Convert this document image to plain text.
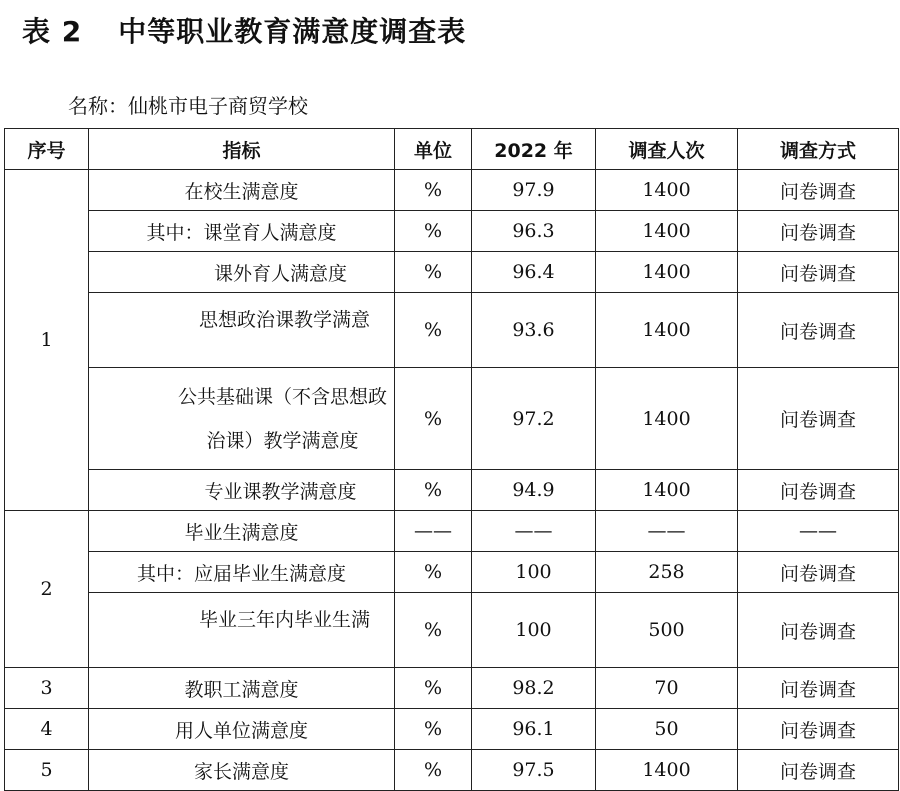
表 2 中等职业教育满意度调查表
名称：仙桃市电子商贸学校
序号	指标	单位	2022 年	调查人次	调查方式
1	在校生满意度	%	97.9	1400	问卷调查
	其中：课堂育人满意度	%	96.3	1400	问卷调查
	课外育人满意度	%	96.4	1400	问卷调查
	思想政治课教学满意	%	93.6	1400	问卷调查
	公共基础课（不含思想政治课）教学满意度	%	97.2	1400	问卷调查
	专业课教学满意度	%	94.9	1400	问卷调查
2	毕业生满意度	——	——	——	——
	其中：应届毕业生满意度	%	100	258	问卷调查
	毕业三年内毕业生满	%	100	500	问卷调查
3	教职工满意度	%	98.2	70	问卷调查
4	用人单位满意度	%	96.1	50	问卷调查
5	家长满意度	%	97.5	1400	问卷调查
